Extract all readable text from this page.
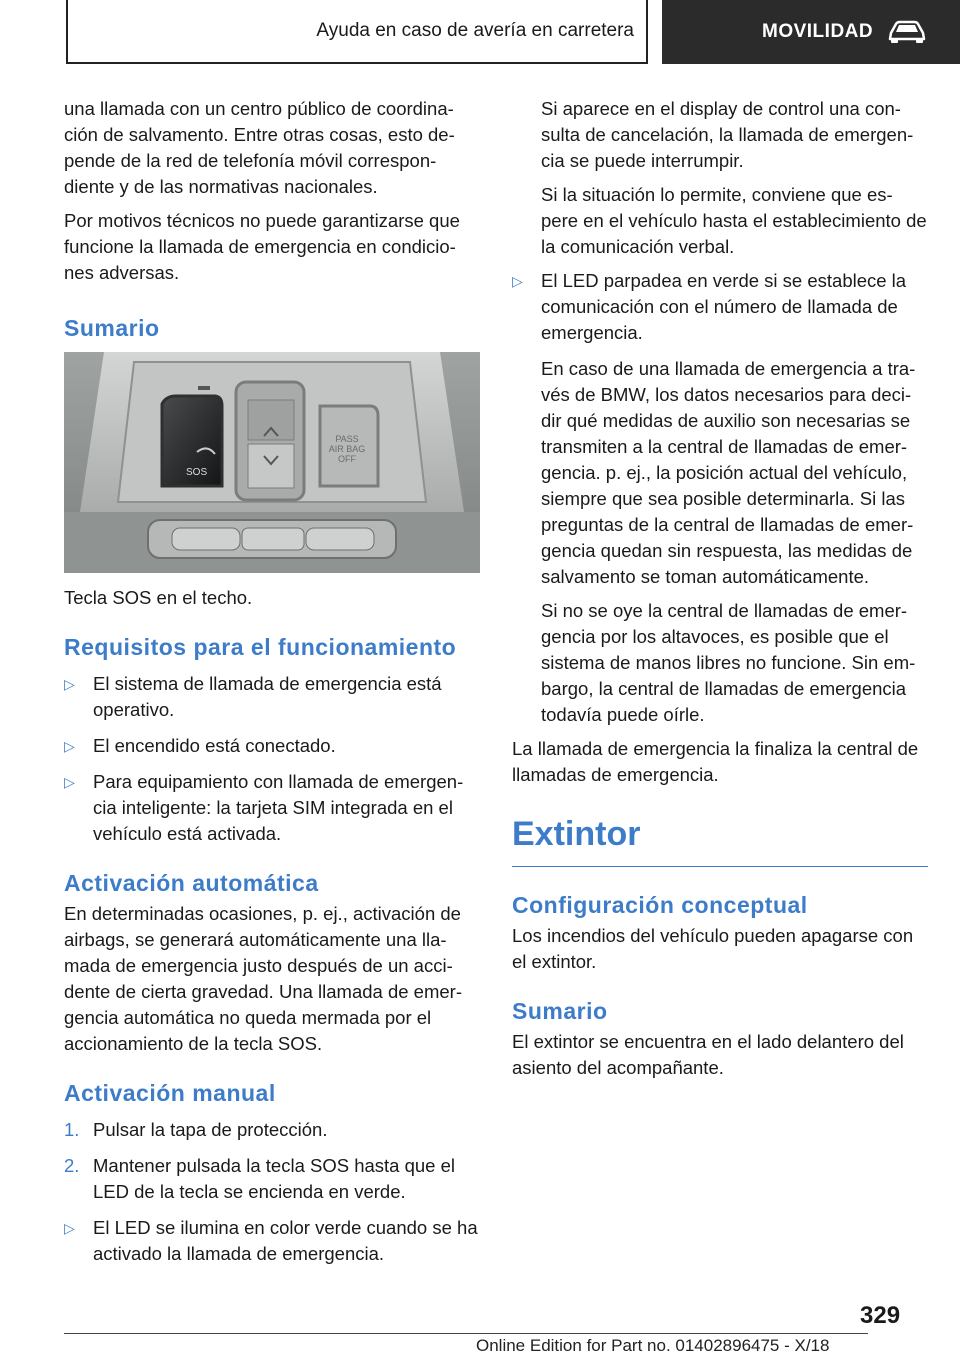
Ayuda en caso de avería en carretera	MOVILIDAD

una llamada con un centro público de coordina-ción de salvamento. Entre otras cosas, esto de-pende de la red de telefonía móvil correspon-diente y de las normativas nacionales.

Por motivos técnicos no puede garantizarse que funcione la llamada de emergencia en condicio-nes adversas.

Sumario
SOS
PASS
AIR BAG
OFF

Tecla SOS en el techo.

Requisitos para el funcionamiento
▷ El sistema de llamada de emergencia está operativo.
▷ El encendido está conectado.
▷ Para equipamiento con llamada de emergen-cia inteligente: la tarjeta SIM integrada en el vehículo está activada.
Activación automática

En determinadas ocasiones, p. ej., activación de airbags, se generará automáticamente una lla-mada de emergencia justo después de un acci-dente de cierta gravedad. Una llamada de emer-gencia automática no queda mermada por el accionamiento de la tecla SOS.

Activación manual
1. Pulsar la tapa de protección.
2. Mantener pulsada la tecla SOS hasta que el LED de la tecla se encienda en verde.
▷ El LED se ilumina en color verde cuando se ha activado la llamada de emergencia.

Si aparece en el display de control una con-sulta de cancelación, la llamada de emergen-cia se puede interrumpir.

Si la situación lo permite, conviene que es-pere en el vehículo hasta el establecimiento de la comunicación verbal.

▷ El LED parpadea en verde si se establece la comunicación con el número de llamada de emergencia.

En caso de una llamada de emergencia a tra-vés de BMW, los datos necesarios para deci-dir qué medidas de auxilio son necesarias se transmiten a la central de llamadas de emer-gencia. p. ej., la posición actual del vehículo, siempre que sea posible determinarla. Si las preguntas de la central de llamadas de emer-gencia quedan sin respuesta, las medidas de salvamento se toman automáticamente.

Si no se oye la central de llamadas de emer-gencia por los altavoces, es posible que el sistema de manos libres no funcione. Sin em-bargo, la central de llamadas de emergencia todavía puede oírle.

La llamada de emergencia la finaliza la central de llamadas de emergencia.

Extintor
Configuración conceptual

Los incendios del vehículo pueden apagarse con el extintor.

Sumario

El extintor se encuentra en el lado delantero del asiento del acompañante.

329
Online Edition for Part no. 01402896475 - X/18
